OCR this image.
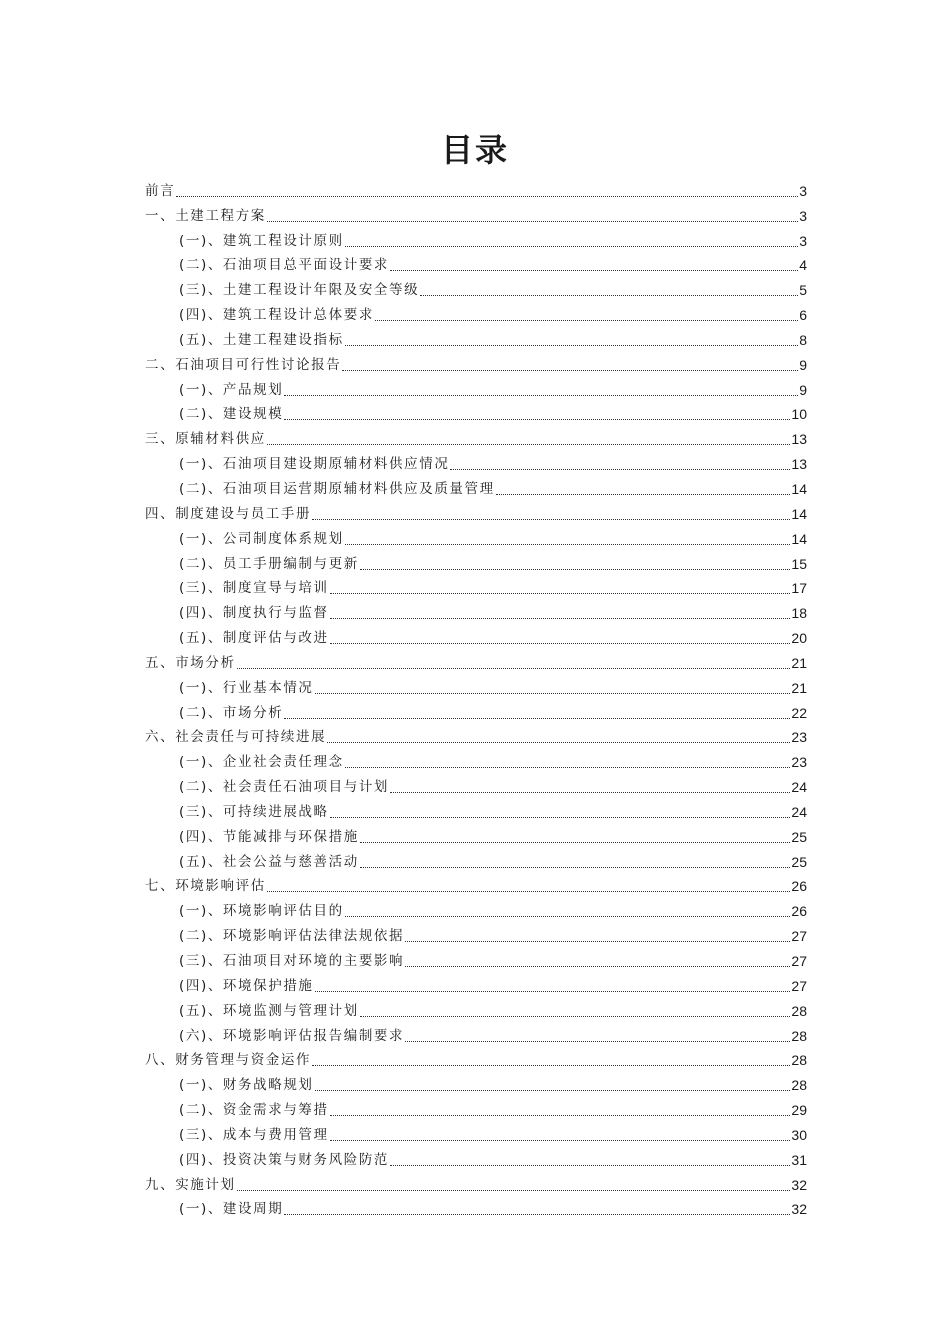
目录
前言	3
一、土建工程方案	3
(一)、建筑工程设计原则	3
(二)、石油项目总平面设计要求	4
(三)、土建工程设计年限及安全等级	5
(四)、建筑工程设计总体要求	6
(五)、土建工程建设指标	8
二、石油项目可行性讨论报告	9
(一)、产品规划	9
(二)、建设规模	10
三、原辅材料供应	13
(一)、石油项目建设期原辅材料供应情况	13
(二)、石油项目运营期原辅材料供应及质量管理	14
四、制度建设与员工手册	14
(一)、公司制度体系规划	14
(二)、员工手册编制与更新	15
(三)、制度宣导与培训	17
(四)、制度执行与监督	18
(五)、制度评估与改进	20
五、市场分析	21
(一)、行业基本情况	21
(二)、市场分析	22
六、社会责任与可持续进展	23
(一)、企业社会责任理念	23
(二)、社会责任石油项目与计划	24
(三)、可持续进展战略	24
(四)、节能减排与环保措施	25
(五)、社会公益与慈善活动	25
七、环境影响评估	26
(一)、环境影响评估目的	26
(二)、环境影响评估法律法规依据	27
(三)、石油项目对环境的主要影响	27
(四)、环境保护措施	27
(五)、环境监测与管理计划	28
(六)、环境影响评估报告编制要求	28
八、财务管理与资金运作	28
(一)、财务战略规划	28
(二)、资金需求与筹措	29
(三)、成本与费用管理	30
(四)、投资决策与财务风险防范	31
九、实施计划	32
(一)、建设周期	32
